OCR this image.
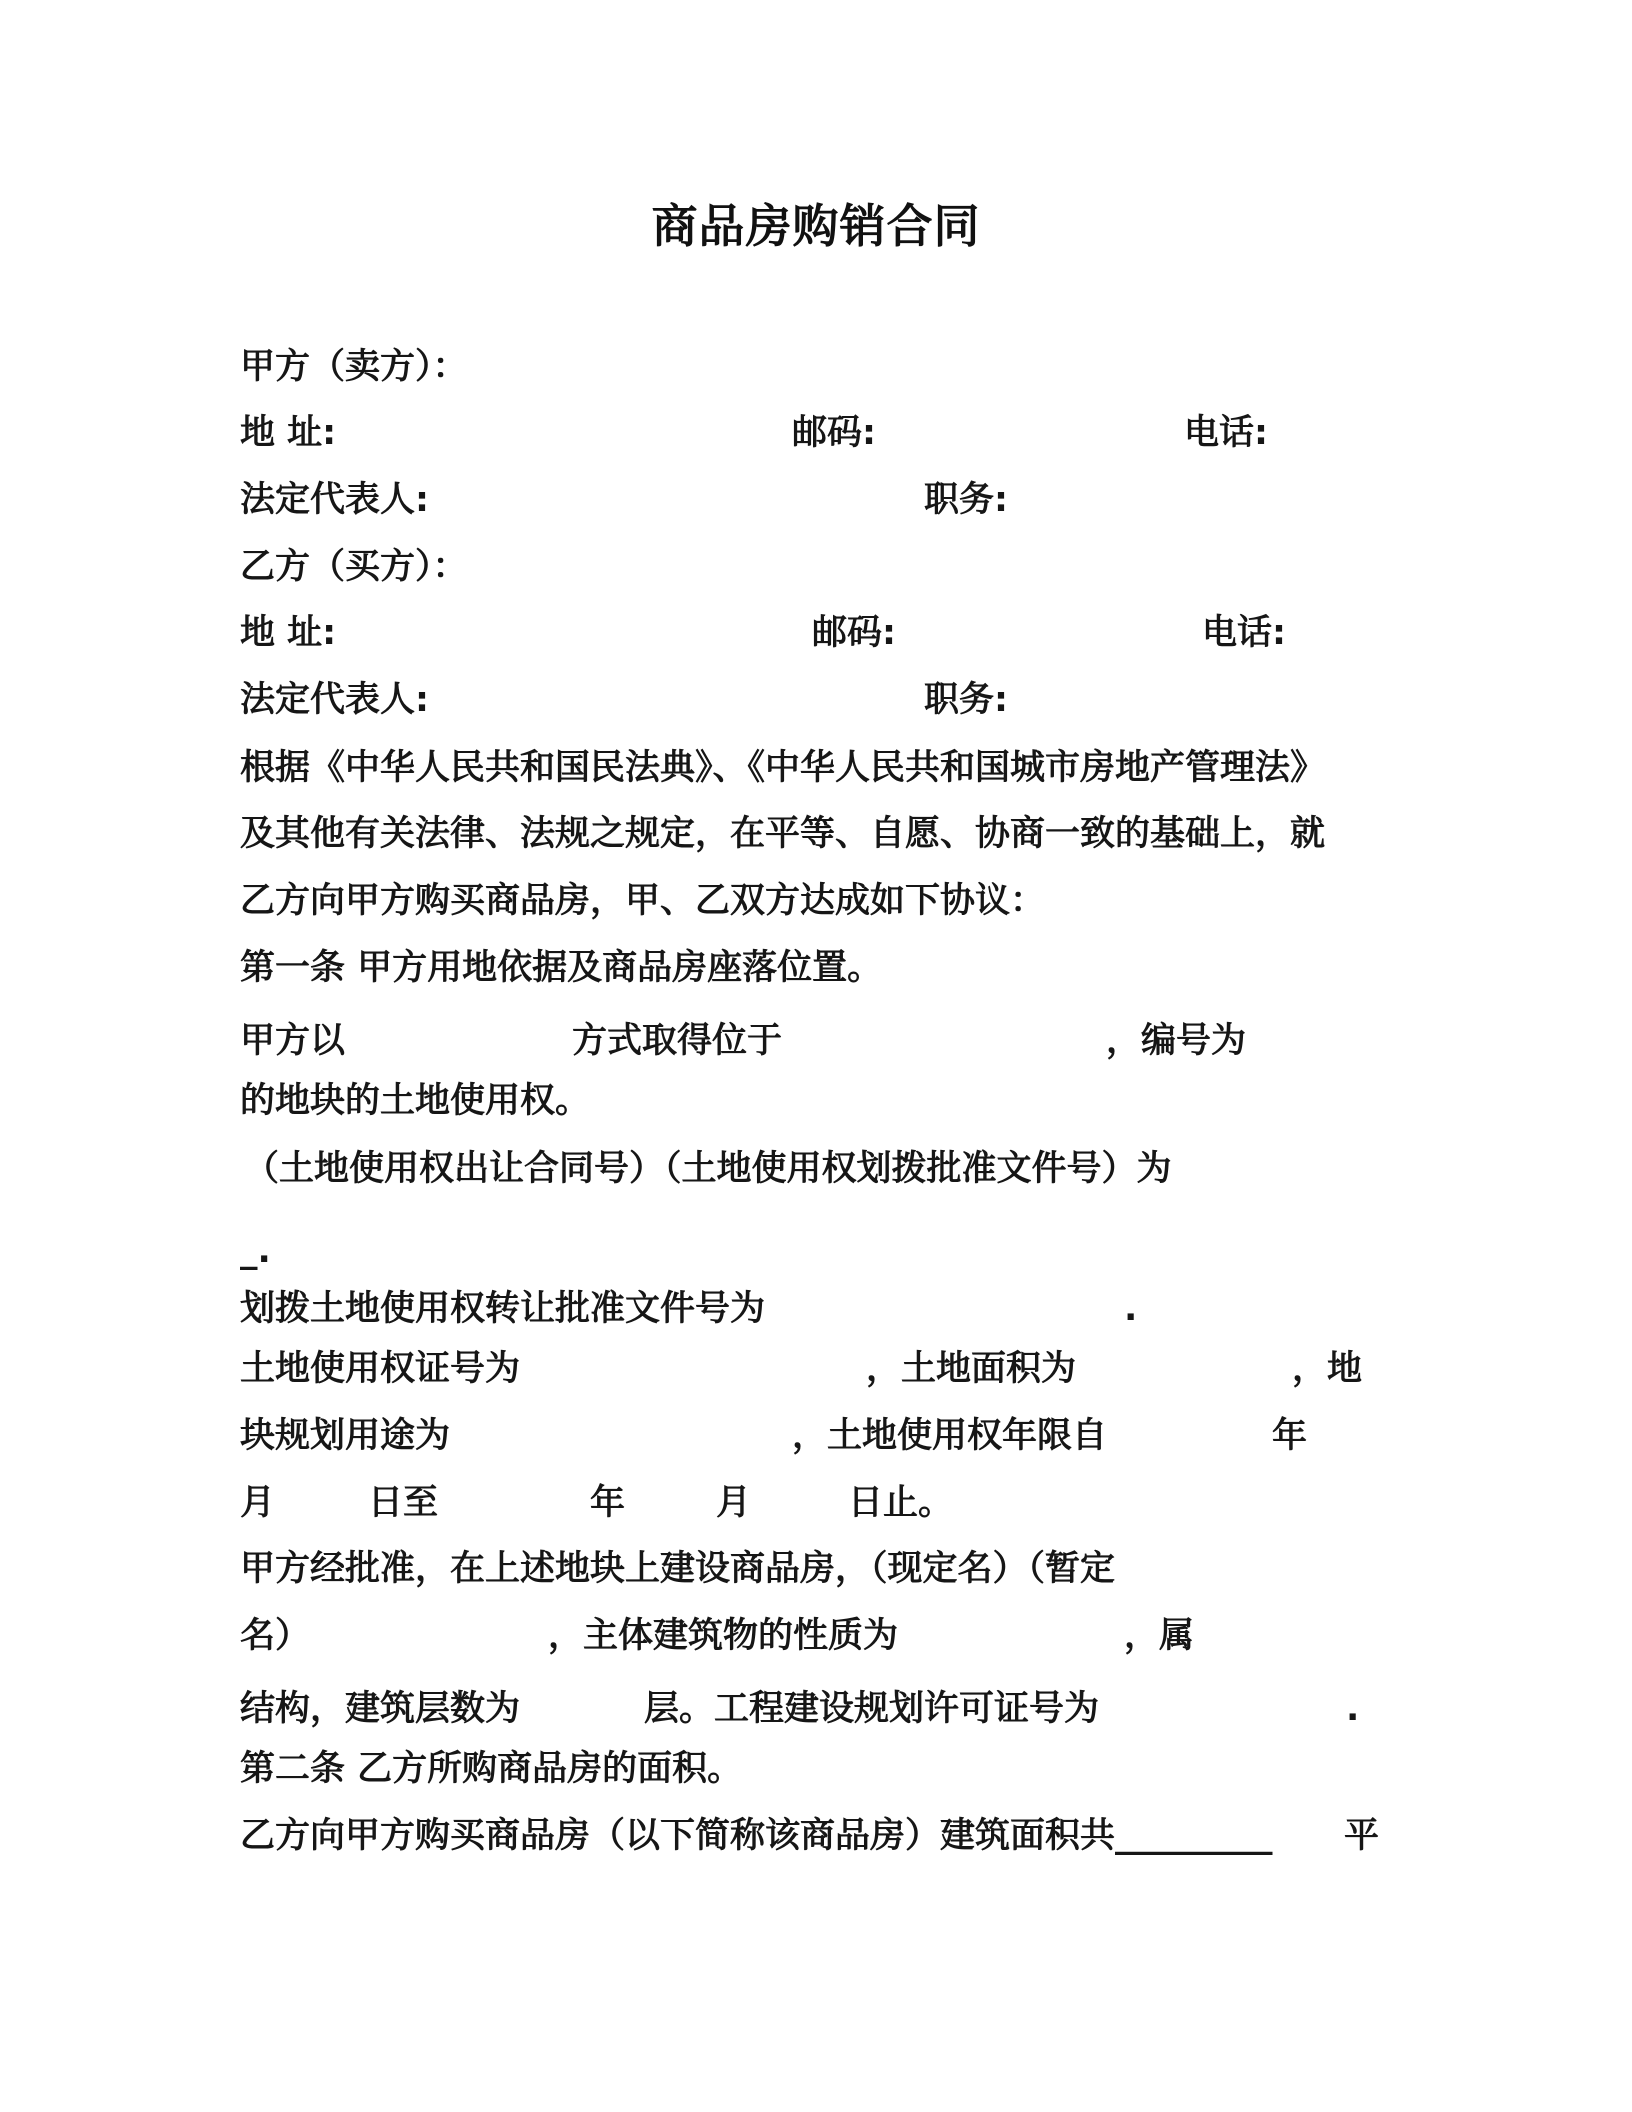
商品房购销合同
甲方（卖方）：
地 址:	邮码:	电话:
法定代表人:	职务:
乙方（买方）：
地 址:	邮码:	电话:
法定代表人:	职务:
根据《中华人民共和国民法典》、《中华人民共和国城市房地产管理法》
及其他有关法律、法规之规定，在平等、自愿、协商一致的基础上，就
乙方向甲方购买商品房，甲、乙双方达成如下协议：
第一条 甲方用地依据及商品房座落位置。
甲方以	方式取得位于	，编号为
的地块的土地使用权。
（土地使用权出让合同号）（土地使用权划拨批准文件号）为
_.
划拨土地使用权转让批准文件号为	.
土地使用权证号为	，土地面积为	，地
块规划用途为	，土地使用权年限自	年
月	日至	年	月	日止。
甲方经批准，在上述地块上建设商品房，（现定名）（暂定
名）	，主体建筑物的性质为	，属
结构，建筑层数为	层。工程建设规划许可证号为	.
第二条 乙方所购商品房的面积。
乙方向甲方购买商品房（以下简称该商品房）建筑面积共_________ 平
